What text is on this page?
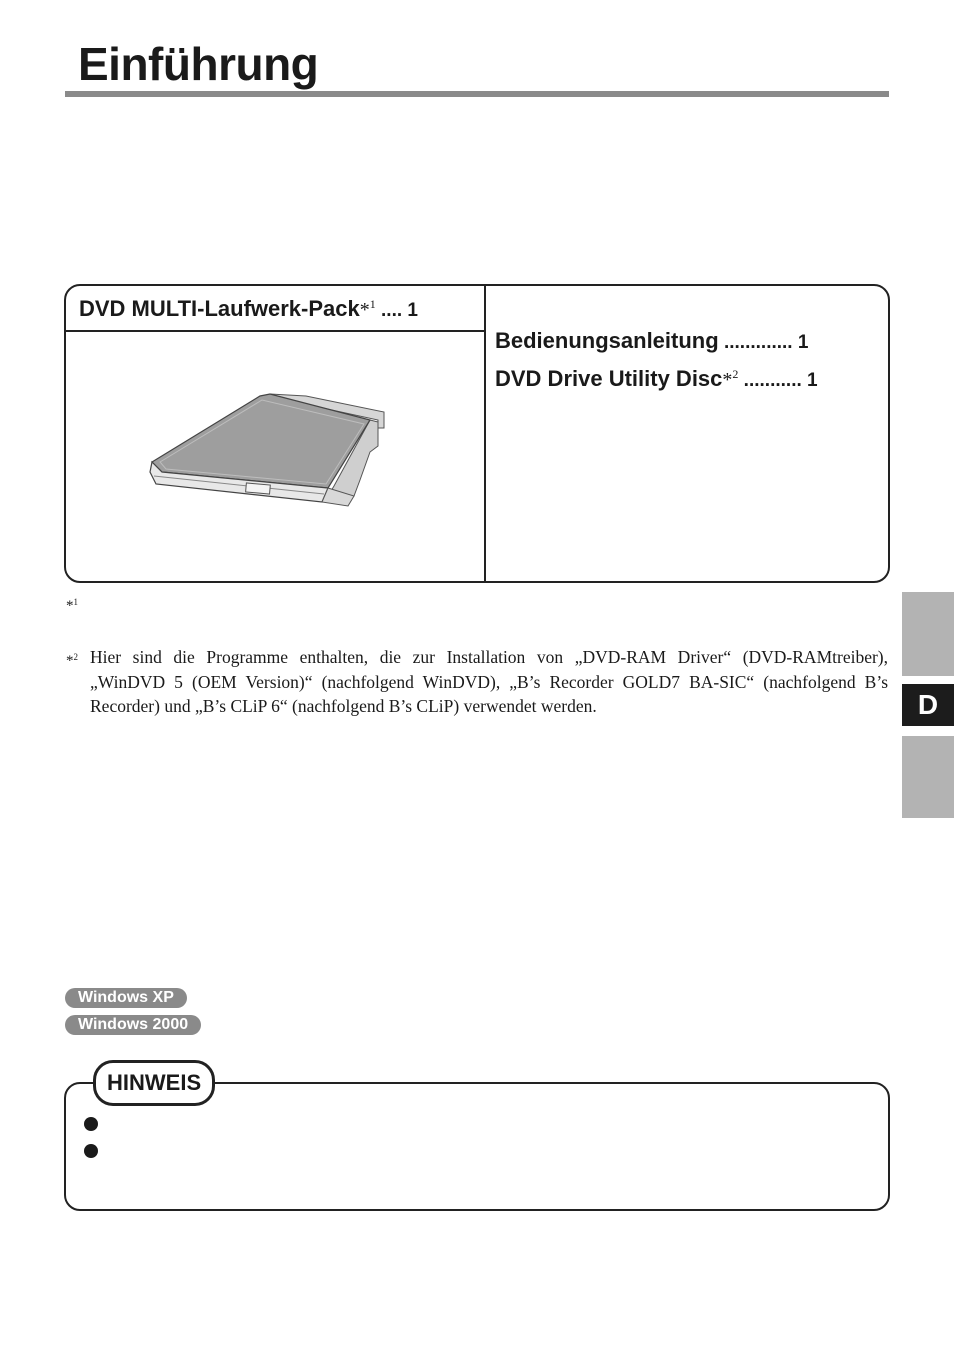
Einführung
DVD MULTI-Laufwerk-Pack*$^1$ .... 1
Bedienungsanleitung ............. 1
DVD Drive Utility Disc*$^2$ ........... 1
*$^1$
*$^2$ Hier sind die Programme enthalten, die zur Installation von „DVD-RAM Driver“ (DVD-RAMtreiber), „WinDVD 5 (OEM Version)“ (nachfolgend WinDVD), „B’s Recorder GOLD7 BA-SIC“ (nachfolgend B’s Recorder) und „B’s CLiP 6“ (nachfolgend B’s CLiP) verwendet werden.	D
Windows XP
Windows 2000
HINWEIS
